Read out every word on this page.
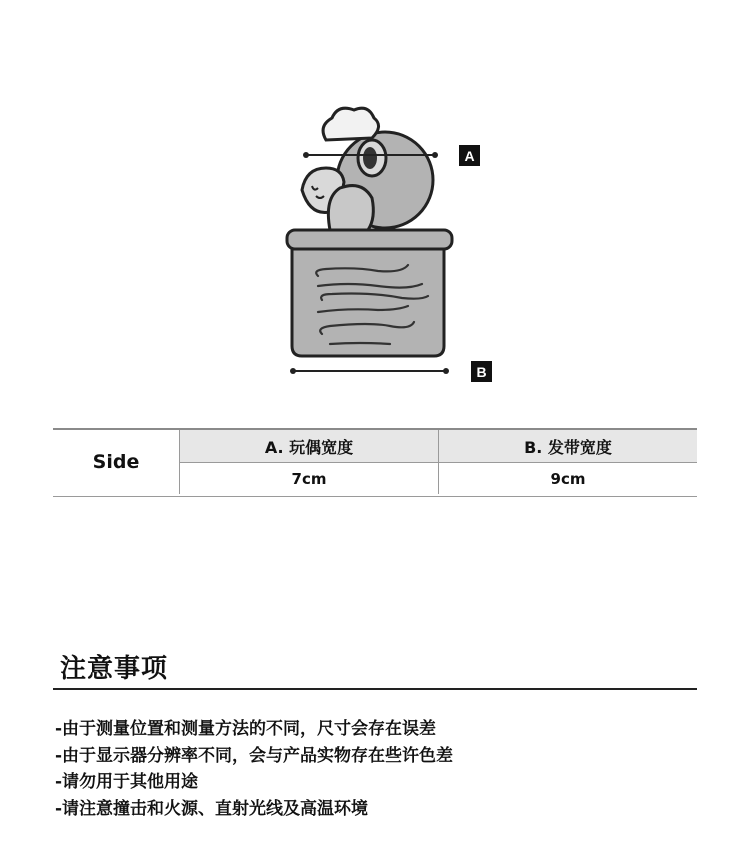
A
B
Side
A. 玩偶宽度	B. 发带宽度
7cm	9cm
注意事项
-由于测量位置和测量方法的不同，尺寸会存在误差
-由于显示器分辨率不同，会与产品实物存在些许色差
-请勿用于其他用途
-请注意撞击和火源、直射光线及高温环境
